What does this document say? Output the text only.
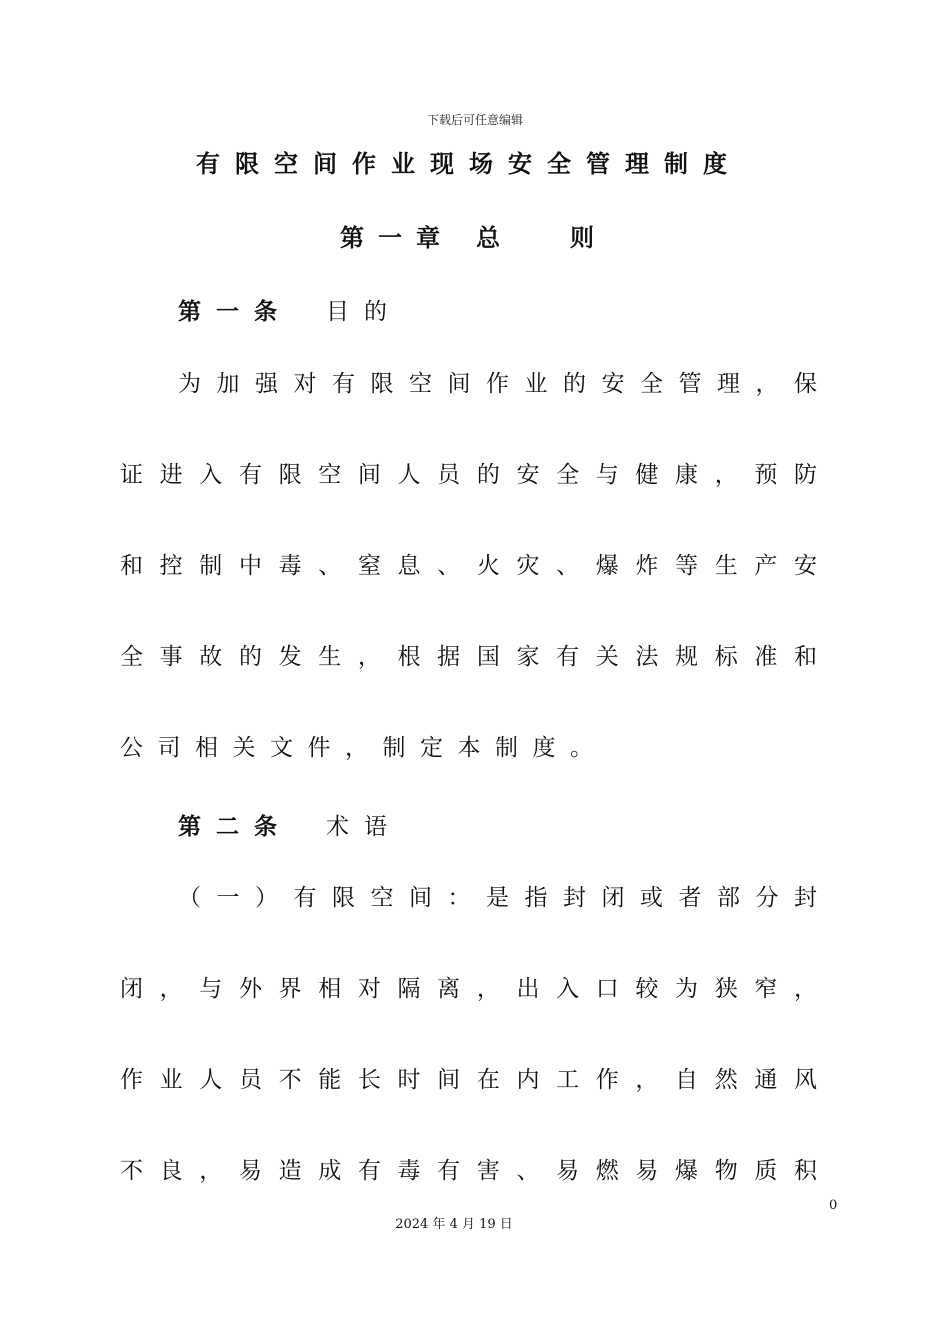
下载后可任意编辑
有限空间作业现场安全管理制度
第一章 总	则
第一条 目的
为加强对有限空间作业的安全管理，保
证进入有限空间人员的安全与健康，预防
和控制中毒、窒息、火灾、爆炸等生产安
全事故的发生，根据国家有关法规标准和
公司相关文件，制定本制度。
第二条 术语
（一）有限空间：是指封闭或者部分封
闭，与外界相对隔离，出入口较为狭窄，
作业人员不能长时间在内工作，自然通风
不良，易造成有毒有害、易燃易爆物质积
0
2024 年 4 月 19 日
